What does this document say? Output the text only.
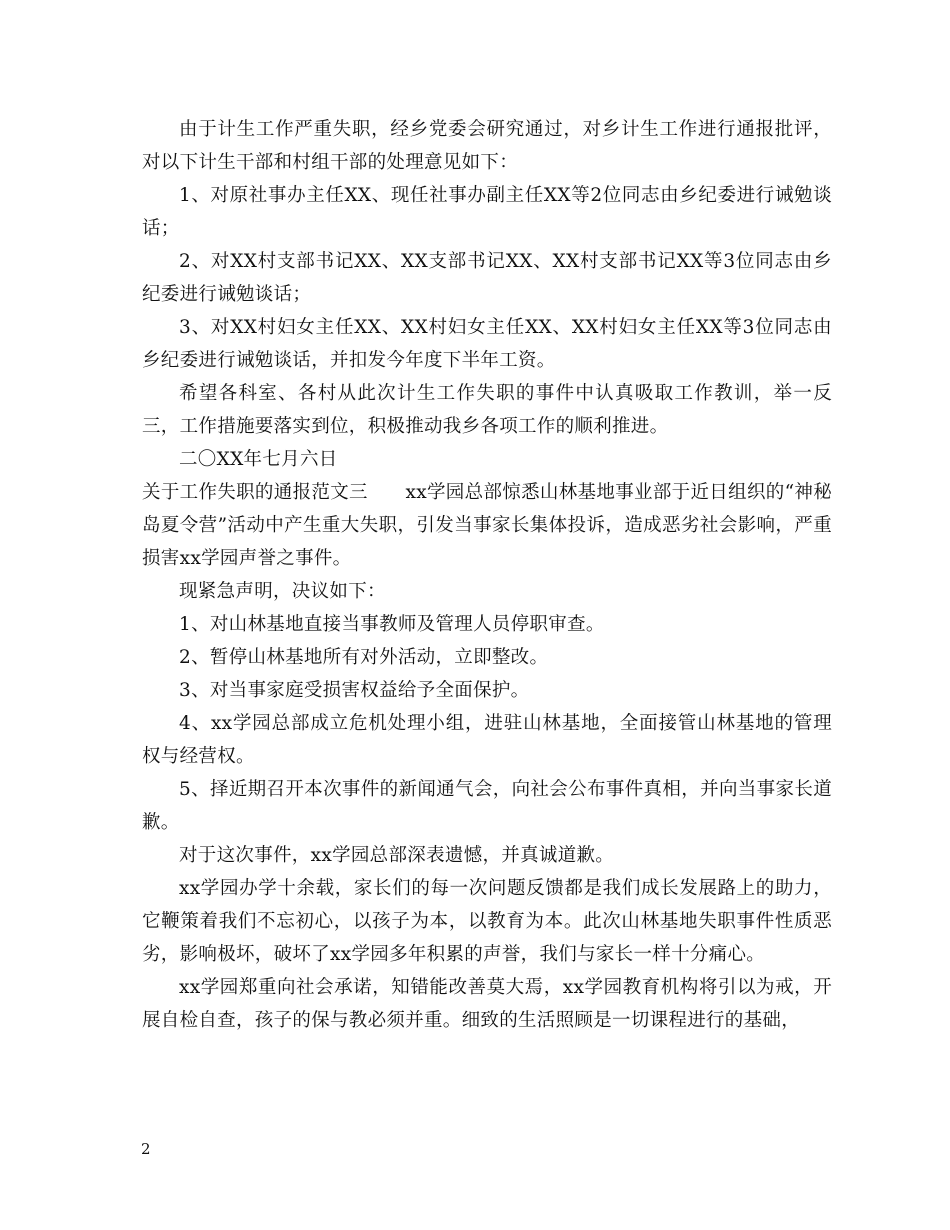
由于计生工作严重失职，经乡党委会研究通过，对乡计生工作进行通报批评，对以下计生干部和村组干部的处理意见如下：

1、对原社事办主任XX、现任社事办副主任XX等2位同志由乡纪委进行诫勉谈话；

2、对XX村支部书记XX、XX支部书记XX、XX村支部书记XX等3位同志由乡纪委进行诫勉谈话；

3、对XX村妇女主任XX、XX村妇女主任XX、XX村妇女主任XX等3位同志由乡纪委进行诫勉谈话，并扣发今年度下半年工资。

希望各科室、各村从此次计生工作失职的事件中认真吸取工作教训，举一反三，工作措施要落实到位，积极推动我乡各项工作的顺利推进。

二〇XX年七月六日

关于工作失职的通报范文三　　xx学园总部惊悉山林基地事业部于近日组织的“神秘岛夏令营”活动中产生重大失职，引发当事家长集体投诉，造成恶劣社会影响，严重损害xx学园声誉之事件。

现紧急声明，决议如下：

1、对山林基地直接当事教师及管理人员停职审查。

2、暂停山林基地所有对外活动，立即整改。

3、对当事家庭受损害权益给予全面保护。

4、xx学园总部成立危机处理小组，进驻山林基地，全面接管山林基地的管理权与经营权。

5、择近期召开本次事件的新闻通气会，向社会公布事件真相，并向当事家长道歉。

对于这次事件，xx学园总部深表遗憾，并真诚道歉。

xx学园办学十余载，家长们的每一次问题反馈都是我们成长发展路上的助力，它鞭策着我们不忘初心，以孩子为本，以教育为本。此次山林基地失职事件性质恶劣，影响极坏，破坏了xx学园多年积累的声誉，我们与家长一样十分痛心。

xx学园郑重向社会承诺，知错能改善莫大焉，xx学园教育机构将引以为戒，开展自检自查，孩子的保与教必须并重。细致的生活照顾是一切课程进行的基础，

2
